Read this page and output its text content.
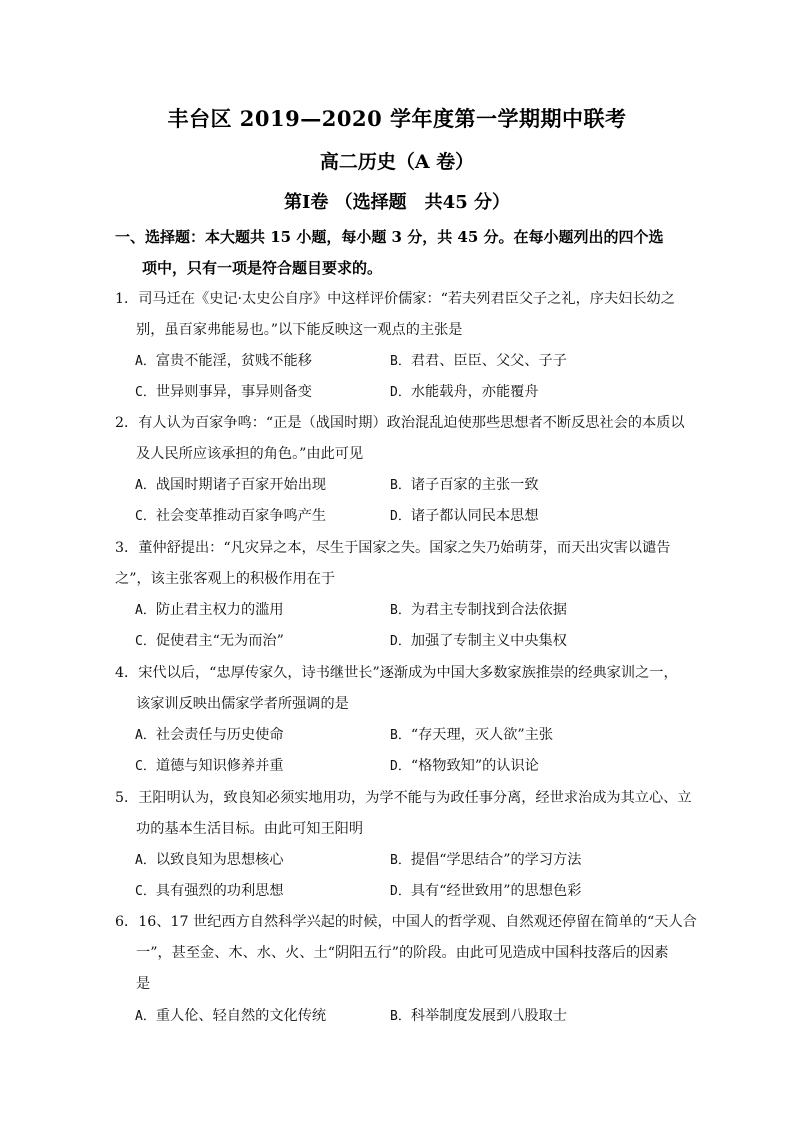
丰台区 2019—2020 学年度第一学期期中联考
高二历史（A 卷）
第Ⅰ卷 （选择题　共45 分）
一、选择题：本大题共 15 小题，每小题 3 分，共 45 分。在每小题列出的四个选
项中，只有一项是符合题目要求的。
1．司马迁在《史记·太史公自序》中这样评价儒家：“若夫列君臣父子之礼，序夫妇长幼之
别，虽百家弗能易也。”以下能反映这一观点的主张是
A．富贵不能淫，贫贱不能移	B．君君、臣臣、父父、子子
C．世异则事异，事异则备变	D．水能载舟，亦能覆舟
2．有人认为百家争鸣：“正是（战国时期）政治混乱迫使那些思想者不断反思社会的本质以
及人民所应该承担的角色。”由此可见
A．战国时期诸子百家开始出现	B．诸子百家的主张一致
C．社会变革推动百家争鸣产生	D．诸子都认同民本思想
3．董仲舒提出：“凡灾异之本，尽生于国家之失。国家之失乃始萌芽，而天出灾害以谴告
之”，该主张客观上的积极作用在于
A．防止君主权力的滥用	B．为君主专制找到合法依据
C．促使君主“无为而治”	D．加强了专制主义中央集权
4．宋代以后，“忠厚传家久，诗书继世长”逐渐成为中国大多数家族推崇的经典家训之一，
该家训反映出儒家学者所强调的是
A．社会责任与历史使命	B．“存天理，灭人欲”主张
C．道德与知识修养并重	D．“格物致知”的认识论
5．王阳明认为，致良知必须实地用功，为学不能与为政任事分离，经世求治成为其立心、立
功的基本生活目标。由此可知王阳明
A．以致良知为思想核心	B．提倡“学思结合”的学习方法
C．具有强烈的功利思想	D．具有“经世致用”的思想色彩
6．16、17 世纪西方自然科学兴起的时候，中国人的哲学观、自然观还停留在简单的“天人合
一”，甚至金、木、水、火、土“阴阳五行”的阶段。由此可见造成中国科技落后的因素
是
A．重人伦、轻自然的文化传统	B．科举制度发展到八股取士
